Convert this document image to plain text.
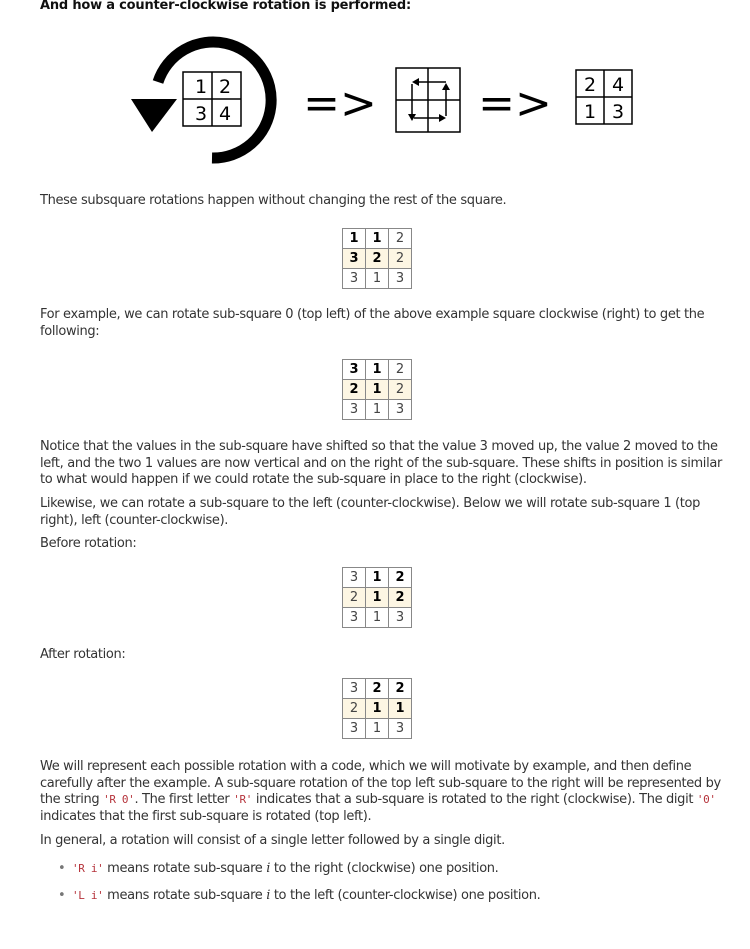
And how a counter-clockwise rotation is performed:
1 2
3 4 => => 2 4
1 3
These subsquare rotations happen without changing the rest of the square.
1	1	2
3	2	2
3	1	3
For example, we can rotate sub-square 0 (top left) of the above example square clockwise (right) to get the following:
3	1	2
2	1	2
3	1	3
Notice that the values in the sub-square have shifted so that the value 3 moved up, the value 2 moved to the left, and the two 1 values are now vertical and on the right of the sub-square. These shifts in position is similar to what would happen if we could rotate the sub-square in place to the right (clockwise).
Likewise, we can rotate a sub-square to the left (counter-clockwise). Below we will rotate sub-square 1 (top right), left (counter-clockwise).
Before rotation:
3	1	2
2	1	2
3	1	3
After rotation:
3	2	2
2	1	1
3	1	3
We will represent each possible rotation with a code, which we will motivate by example, and then define carefully after the example. A sub-square rotation of the top left sub-square to the right will be represented by the string 'R 0'. The first letter 'R' indicates that a sub-square is rotated to the right (clockwise). The digit '0' indicates that the first sub-square is rotated (top left).
In general, a rotation will consist of a single letter followed by a single digit.
• 'R i' means rotate sub-square i to the right (clockwise) one position.
• 'L i' means rotate sub-square i to the left (counter-clockwise) one position.
